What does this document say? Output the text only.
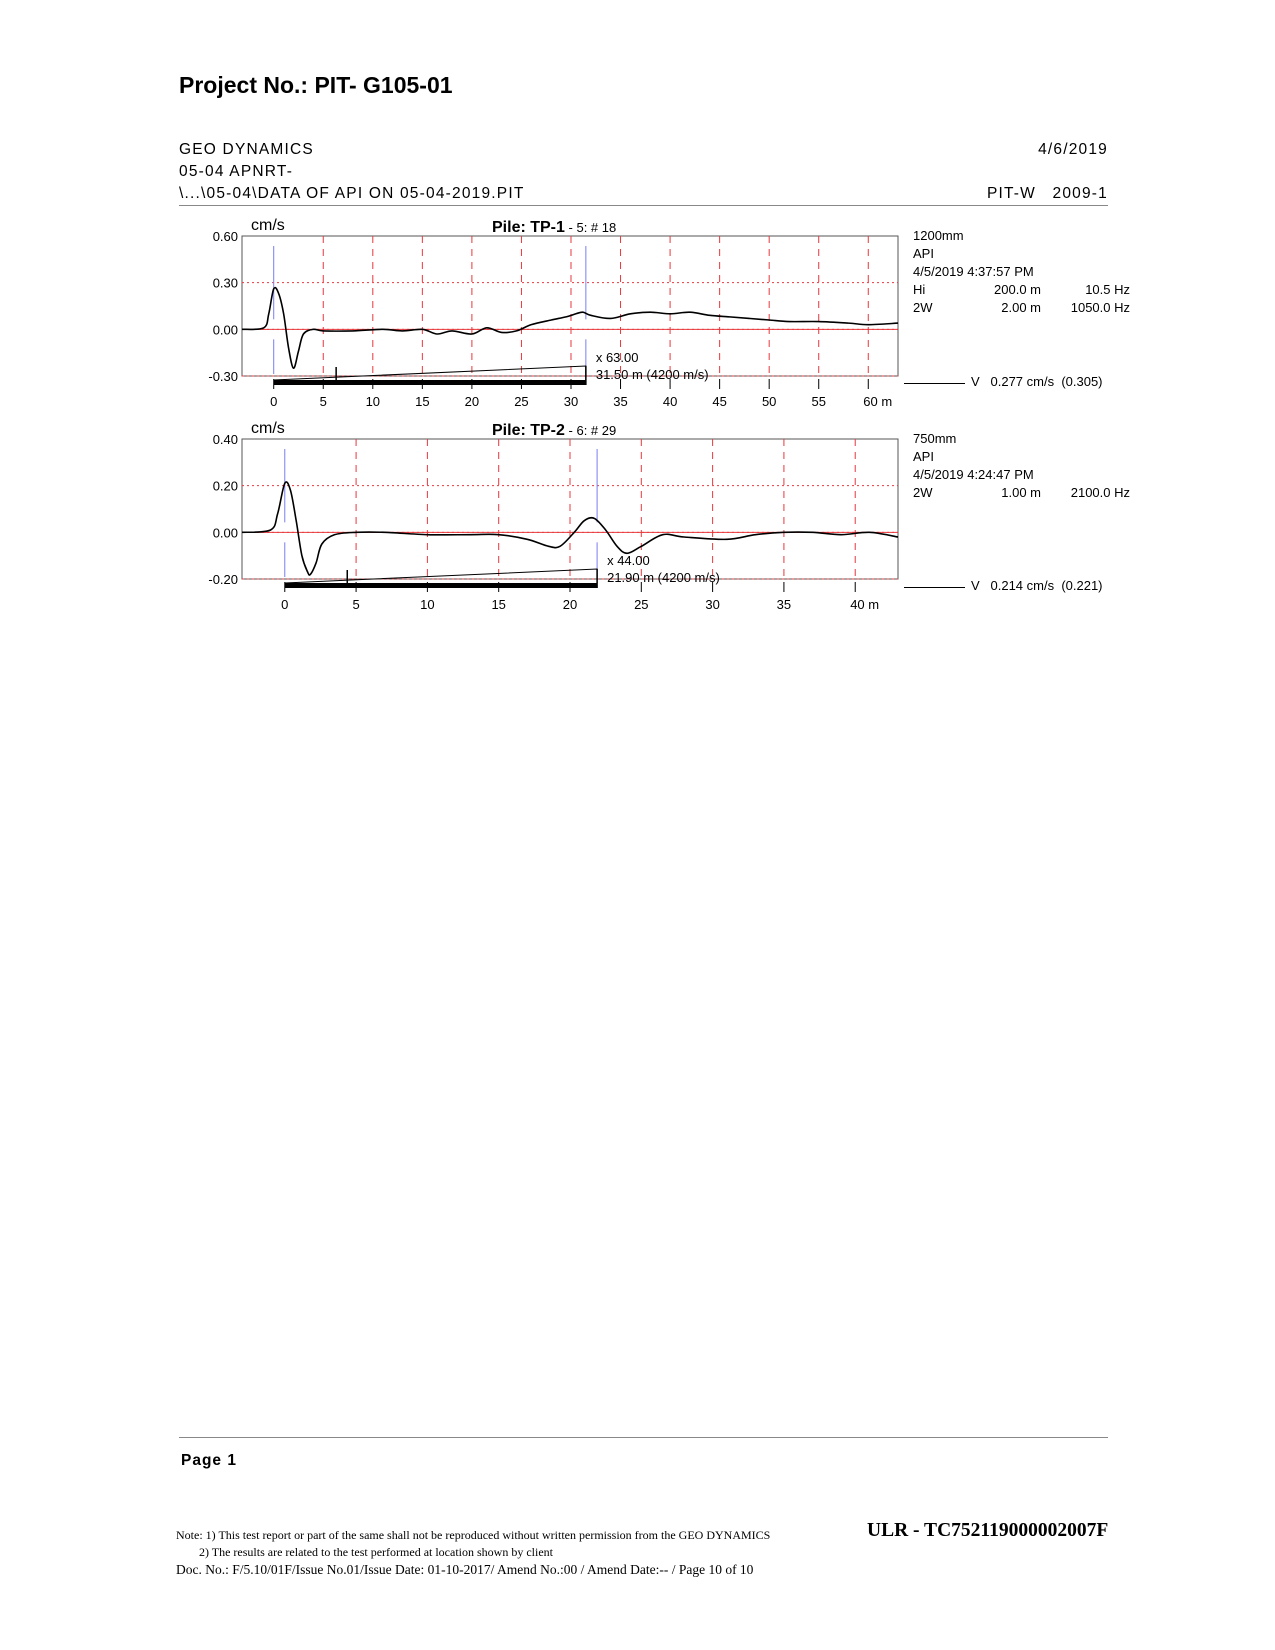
Project No.: PIT- G105-01
GEO DYNAMICS	4/6/2019
05-04 APNRT-
\...\05-04\DATA OF API ON 05-04-2019.PIT	PIT-W   2009-1
cm/s	Pile: TP-1 - 5: # 18
0.60
0.30
0.00
-0.30
0	5	10	15	20	25	30	35	40	45	50	55	60 m
x 63.00
31.50 m (4200 m/s)
1200mm
API
4/5/2019 4:37:57 PM
Hi	200.0 m	10.5 Hz
2W	2.00 m 1050.0 Hz
V   0.277 cm/s  (0.305)
750mm
API
4/5/2019 4:24:47 PM
2W	1.00 m 2100.0 Hz
V   0.214 cm/s  (0.221)
Page 1
Note: 1) This test report or part of the same shall not be reproduced without written permission from the GEO DYNAMICS
2) The results are related to the test performed at location shown by client
Doc. No.: F/5.10/01F/Issue No.01/Issue Date: 01-10-2017/ Amend No.:00 / Amend Date:-- / Page 10 of 10
ULR - TC752119000002007F
cm/s	Pile: TP-2 - 6: # 29
0.40
0.20
0.00
-0.20
0	5	10	15	20	25	30	35	40 m
x 44.00
21.90 m (4200 m/s)
